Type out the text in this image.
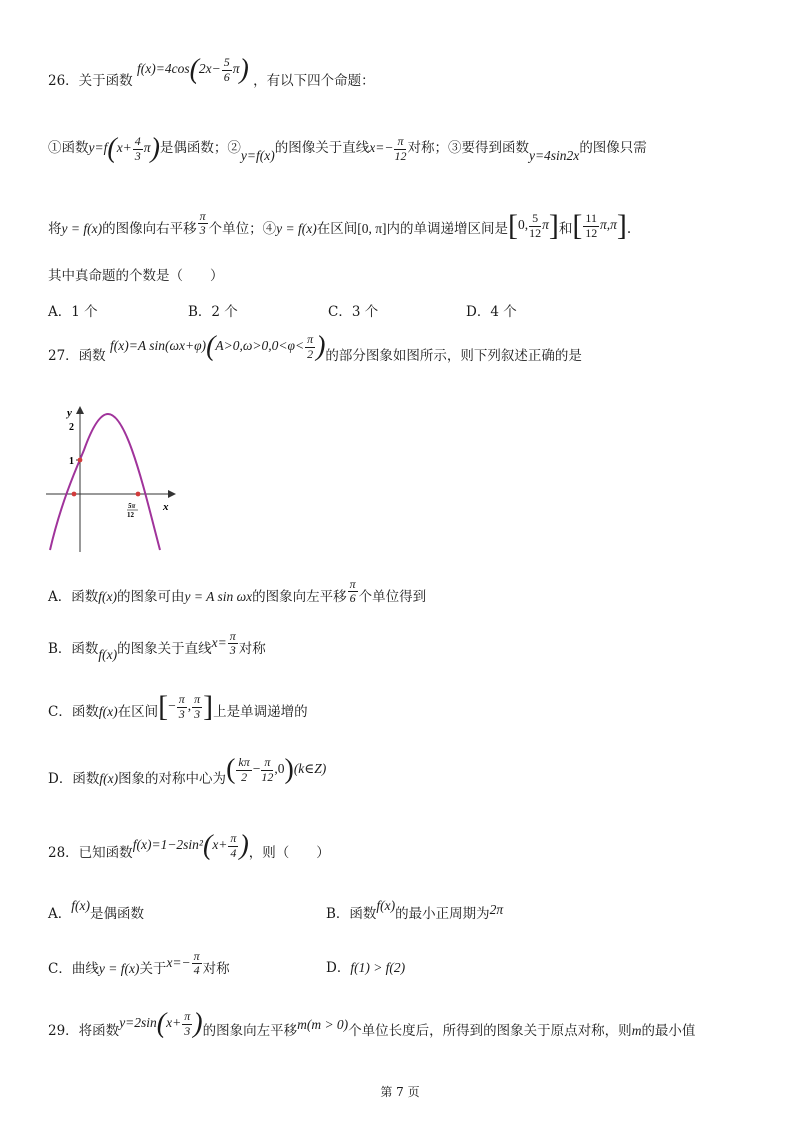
26．关于函数 $f(x)=4\cos(2x- \frac{5}{6} \pi)$ ，有以下四个命题：
①函数$y=f(x+ \frac{4}{3} \pi)$是偶函数；②y=f(x)的图像关于直线$x=- \frac{\pi}{12}$ 对称；③要得到函数y=4sin2x的图像只需
将y = f(x)的图像向右平移 $\frac{\pi}{3}$ 个单位；④y = f(x)在区间[0, π]内的单调递增区间是[0, $\frac{5}{12} \pi$]和[ $\frac{11}{12} \pi,\pi$].
其中真命题的个数是（　　）
A．1 个	B．2 个	C．3 个	D．4 个
27．函数 f(x)=A $\sin(\omega x+\varphi)(A>0,\omega>0,0<\varphi< \frac{\pi}{2}$ )的部分图象如图所示，则下列叙述正确的是
y
x
2
1
5π
12
A．函数f(x)的图象可由y = A sin ωx的图象向左平移 $\frac{\pi}{6}$ 个单位得到
B．函数f(x)的图象关于直线$x= \frac{\pi}{3}$ 对称
C．函数f(x)在区间[− $\frac{\pi}{3}$ , $\frac{\pi}{3}$ ]上是单调递增的
D．函数f(x)图象的对称中心为( $\frac{k\pi}{2} - \frac{\pi}{12}$ ,0)(k∈Z)
28．已知函数$f(x)=1-2\sin^2(x+ \frac{\pi}{4}$ )，则（　　）
A．f(x)是偶函数	B．函数f(x)的最小正周期为2π
C．曲线y = f(x)关于$x=- \frac{\pi}{4}$ 对称	D．f(1) > f(2)
29．将函数$y=2\sin(x+ \frac{\pi}{3}$ )的图象向左平移m(m > 0)个单位长度后，所得到的图象关于原点对称，则m的最小值
第 7 页
